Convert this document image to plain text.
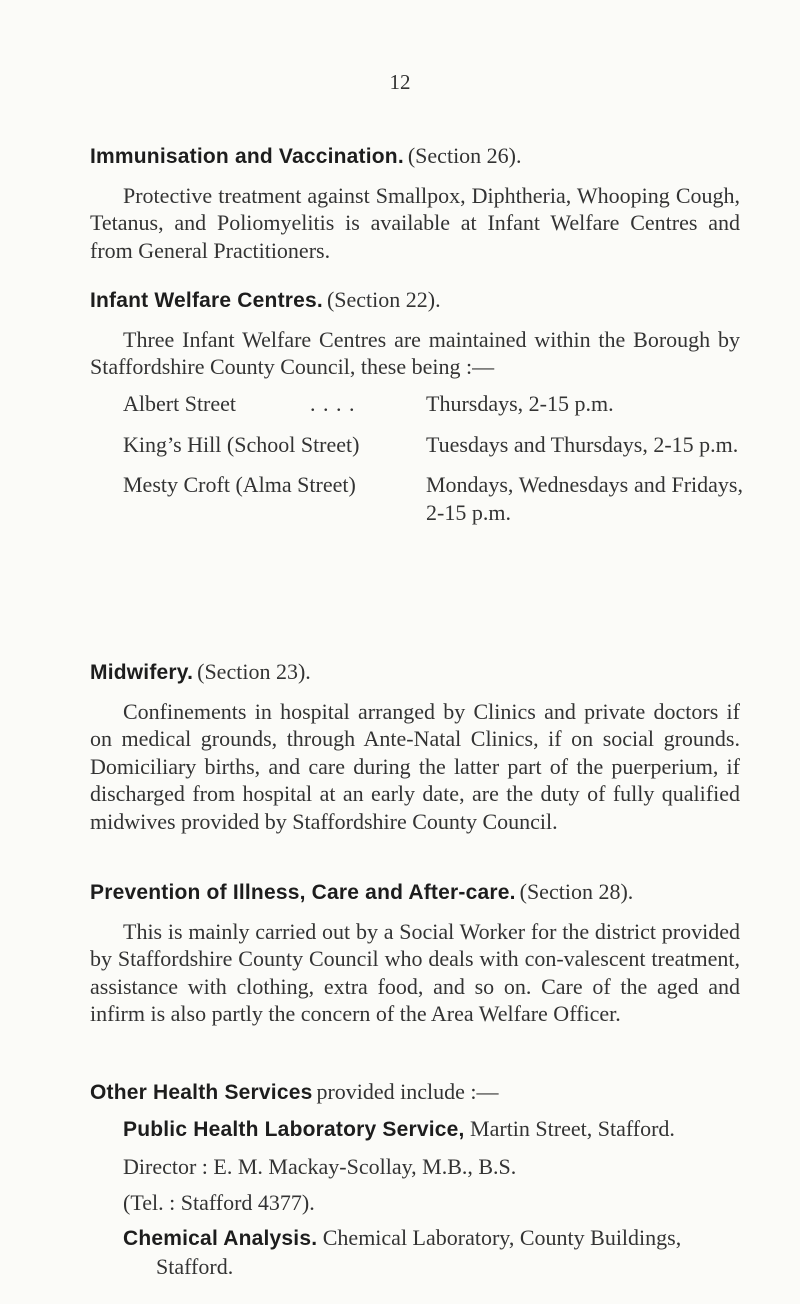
12
Immunisation and Vaccination. (Section 26).

Protective treatment against Smallpox, Diphtheria, Whooping Cough, Tetanus, and Poliomyelitis is available at Infant Welfare Centres and from General Practitioners.

Infant Welfare Centres. (Section 22).

Three Infant Welfare Centres are maintained within the Borough by Staffordshire County Council, these being :—

Albert Street	. . . .	Thursdays, 2-15 p.m.
King’s Hill (School Street)	Tuesdays and Thursdays, 2-15 p.m.
Mesty Croft (Alma Street)	Mondays, Wednesdays and Fridays, 2-15 p.m.
Midwifery. (Section 23).

Confinements in hospital arranged by Clinics and private doctors if on medical grounds, through Ante-Natal Clinics, if on social grounds. Domiciliary births, and care during the latter part of the puerperium, if discharged from hospital at an early date, are the duty of fully qualified midwives provided by Staffordshire County Council.

Prevention of Illness, Care and After-care. (Section 28).

This is mainly carried out by a Social Worker for the district provided by Staffordshire County Council who deals with con-valescent treatment, assistance with clothing, extra food, and so on. Care of the aged and infirm is also partly the concern of the Area Welfare Officer.

Other Health Services provided include :—
Public Health Laboratory Service, Martin Street, Stafford.
Director : E. M. Mackay-Scollay, M.B., B.S.
(Tel. : Stafford 4377).
Chemical Analysis. Chemical Laboratory, County Buildings, Stafford.
